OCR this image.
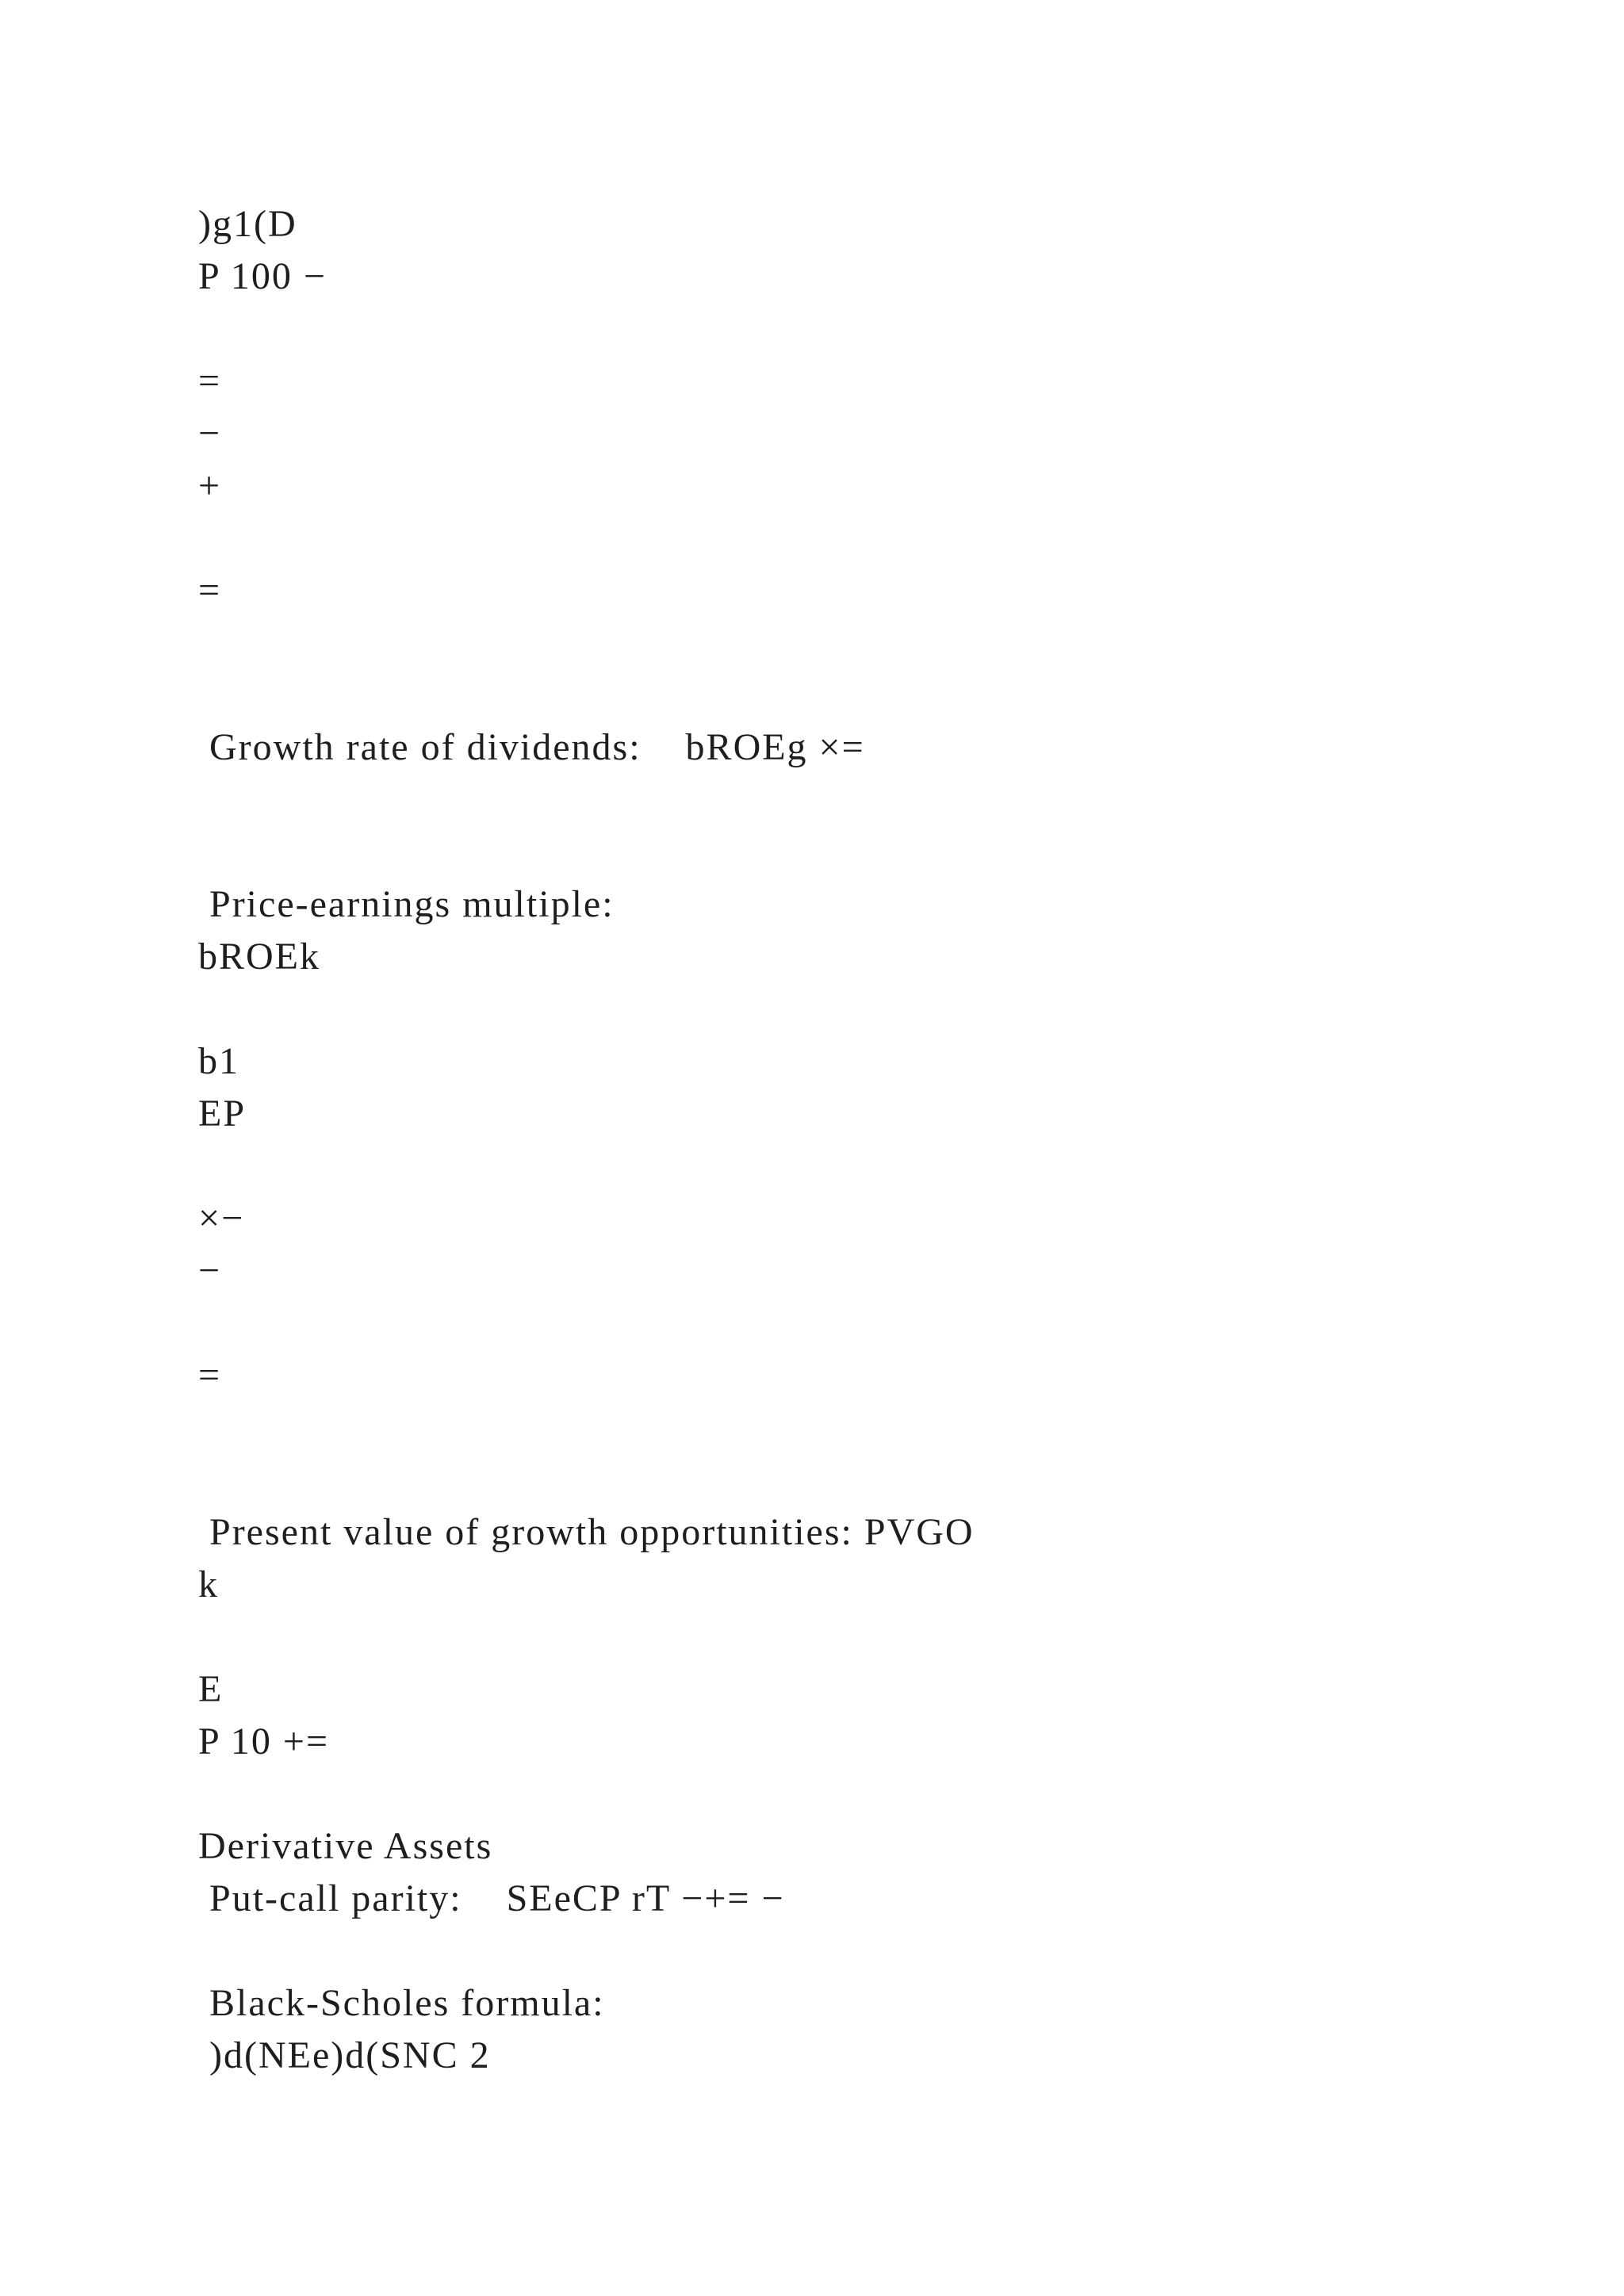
)g1(D
P 100 −
=
−
+
=
Growth rate of dividends:    bROEg ×=
Price-earnings multiple:
bROEk
b1
EP
×−
−
=
Present value of growth opportunities: PVGO
k
E
P 10 +=
Derivative Assets
Put-call parity:    SEeCP rT −+= −
Black-Scholes formula:
)d(NEe)d(SNC 2
